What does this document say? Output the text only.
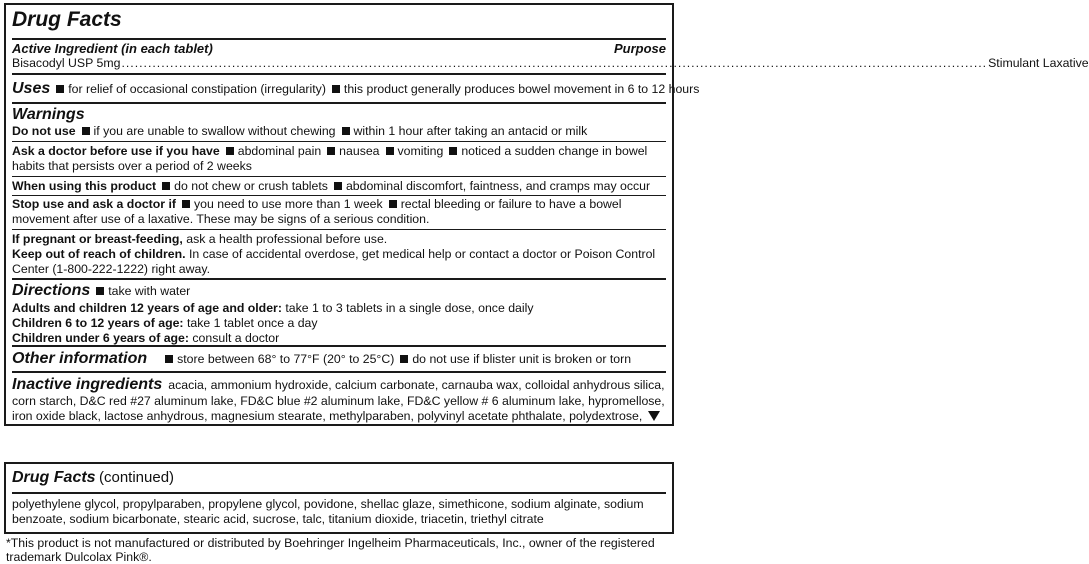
Drug Facts
Active Ingredient (in each tablet)	Purpose
Bisacodyl USP 5mg .................................................................................................................................................................................................... Stimulant Laxative
Uses for relief of occasional constipation (irregularity) this product generally produces bowel movement in 6 to 12 hours
Warnings
Do not use if you are unable to swallow without chewing within 1 hour after taking an antacid or milk
Ask a doctor before use if you have abdominal pain nausea vomiting noticed a sudden change in bowel
habits that persists over a period of 2 weeks
When using this product do not chew or crush tablets abdominal discomfort, faintness, and cramps may occur
Stop use and ask a doctor if you need to use more than 1 week rectal bleeding or failure to have a bowel
movement after use of a laxative. These may be signs of a serious condition.
If pregnant or breast-feeding, ask a health professional before use.
Keep out of reach of children. In case of accidental overdose, get medical help or contact a doctor or Poison Control
Center (1-800-222-1222) right away.
Directions take with water
Adults and children 12 years of age and older: take 1 to 3 tablets in a single dose, once daily
Children 6 to 12 years of age: take 1 tablet once a day
Children under 6 years of age: consult a doctor
Other information store between 68° to 77°F (20° to 25°C) do not use if blister unit is broken or torn
Inactive ingredients acacia, ammonium hydroxide, calcium carbonate, carnauba wax, colloidal anhydrous silica,
corn starch, D&C red #27 aluminum lake, FD&C blue #2 aluminum lake, FD&C yellow # 6 aluminum lake, hypromellose,
iron oxide black, lactose anhydrous, magnesium stearate, methylparaben, polyvinyl acetate phthalate, polydextrose,
Drug Facts (continued)
polyethylene glycol, propylparaben, propylene glycol, povidone, shellac glaze, simethicone, sodium alginate, sodium
benzoate, sodium bicarbonate, stearic acid, sucrose, talc, titanium dioxide, triacetin, triethyl citrate
*This product is not manufactured or distributed by Boehringer Ingelheim Pharmaceuticals, Inc., owner of the registered
trademark Dulcolax Pink®.
